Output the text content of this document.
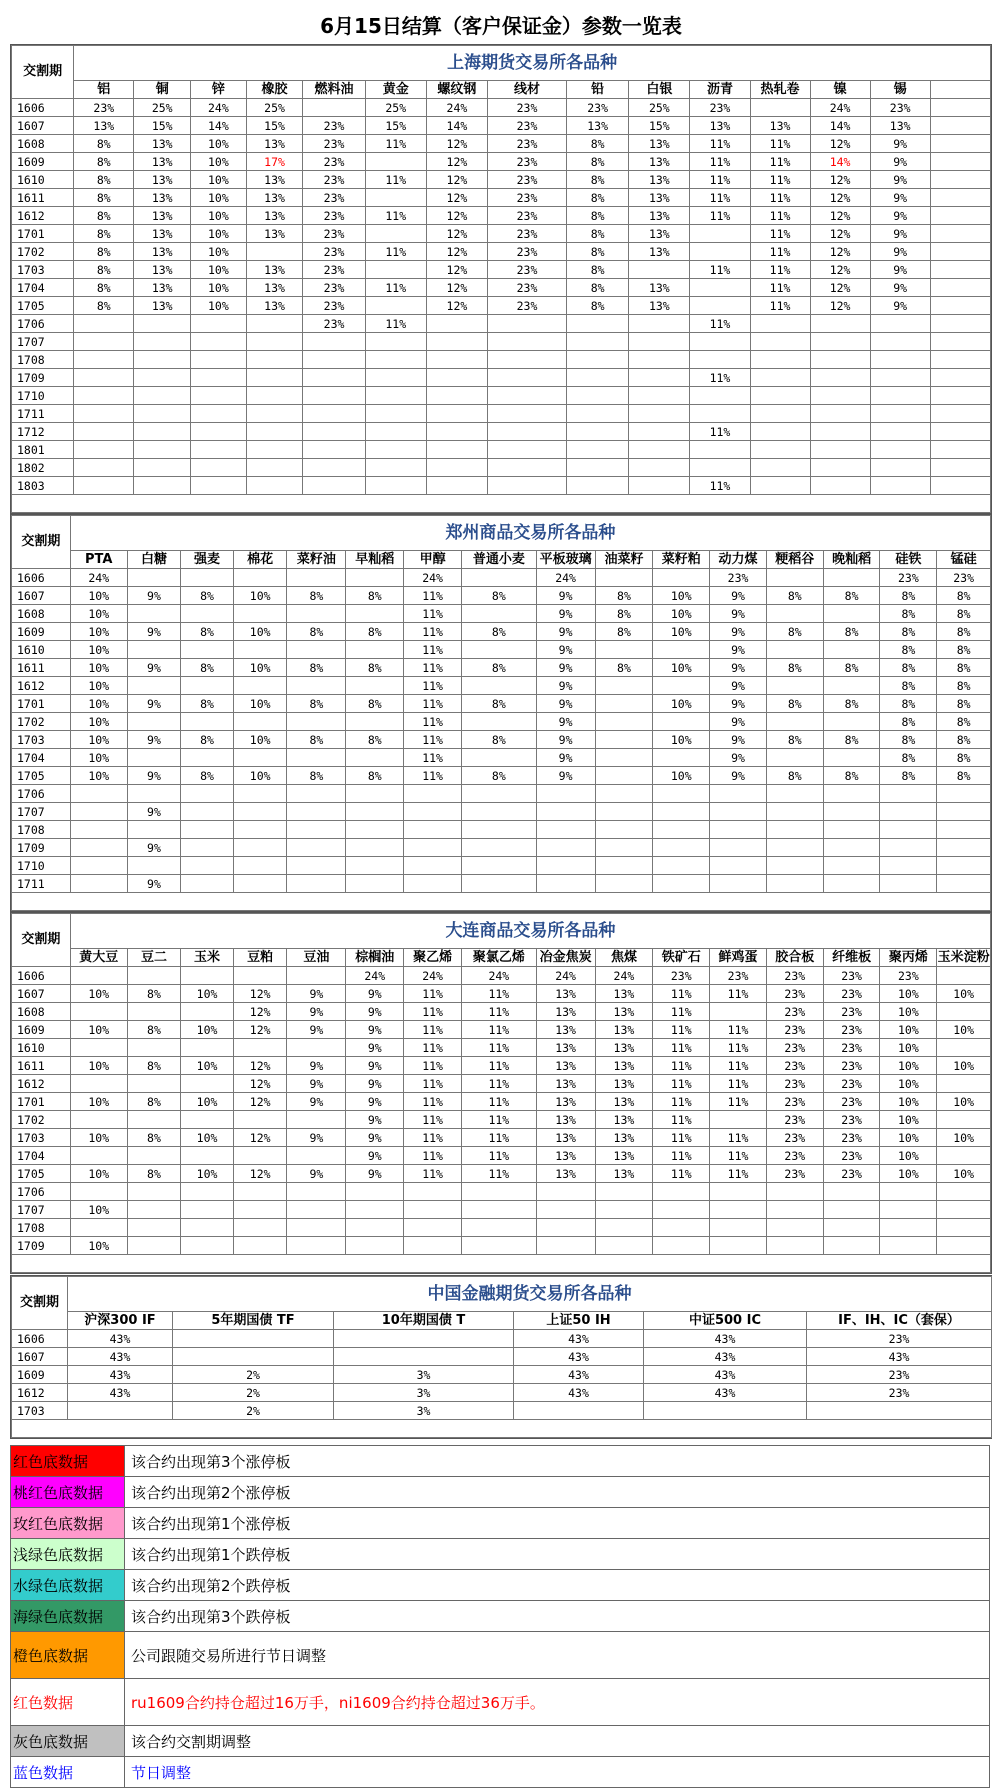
6月15日结算（客户保证金）参数一览表
交割期	上海期货交易所各品种														
	铝	铜	锌	橡胶	燃料油	黄金	螺纹钢	线材	铅	白银	沥青	热轧卷	镍	锡	
1606	23%	25%	24%	25%		25%	24%	23%	23%	25%	23%		24%	23%	
1607	13%	15%	14%	15%	23%	15%	14%	23%	13%	15%	13%	13%	14%	13%	
1608	8%	13%	10%	13%	23%	11%	12%	23%	8%	13%	11%	11%	12%	9%	
1609	8%	13%	10%	17%	23%		12%	23%	8%	13%	11%	11%	14%	9%	
1610	8%	13%	10%	13%	23%	11%	12%	23%	8%	13%	11%	11%	12%	9%	
1611	8%	13%	10%	13%	23%		12%	23%	8%	13%	11%	11%	12%	9%	
1612	8%	13%	10%	13%	23%	11%	12%	23%	8%	13%	11%	11%	12%	9%	
1701	8%	13%	10%	13%	23%		12%	23%	8%	13%		11%	12%	9%	
1702	8%	13%	10%		23%	11%	12%	23%	8%	13%		11%	12%	9%	
1703	8%	13%	10%	13%	23%		12%	23%	8%		11%	11%	12%	9%	
1704	8%	13%	10%	13%	23%	11%	12%	23%	8%	13%		11%	12%	9%	
1705	8%	13%	10%	13%	23%		12%	23%	8%	13%		11%	12%	9%	
1706					23%	11%					11%				
1707															
1708															
1709											11%				
1710															
1711															
1712											11%				
1801															
1802															
1803											11%				

交割期	郑州商品交易所各品种															
	PTA	白糖	强麦	棉花	菜籽油	早籼稻	甲醇	普通小麦	平板玻璃	油菜籽	菜籽粕	动力煤	粳稻谷	晚籼稻	硅铁	锰硅
1606	24%						24%		24%			23%			23%	23%
1607	10%	9%	8%	10%	8%	8%	11%	8%	9%	8%	10%	9%	8%	8%	8%	8%
1608	10%						11%		9%	8%	10%	9%			8%	8%
1609	10%	9%	8%	10%	8%	8%	11%	8%	9%	8%	10%	9%	8%	8%	8%	8%
1610	10%						11%		9%			9%			8%	8%
1611	10%	9%	8%	10%	8%	8%	11%	8%	9%	8%	10%	9%	8%	8%	8%	8%
1612	10%						11%		9%			9%			8%	8%
1701	10%	9%	8%	10%	8%	8%	11%	8%	9%		10%	9%	8%	8%	8%	8%
1702	10%						11%		9%			9%			8%	8%
1703	10%	9%	8%	10%	8%	8%	11%	8%	9%		10%	9%	8%	8%	8%	8%
1704	10%						11%		9%			9%			8%	8%
1705	10%	9%	8%	10%	8%	8%	11%	8%	9%		10%	9%	8%	8%	8%	8%
1706																
1707		9%														
1708																
1709		9%														
1710																
1711		9%														

交割期	大连商品交易所各品种															
	黄大豆	豆二	玉米	豆粕	豆油	棕榈油	聚乙烯	聚氯乙烯	冶金焦炭	焦煤	铁矿石	鲜鸡蛋	胶合板	纤维板	聚丙烯	玉米淀粉
1606						24%	24%	24%	24%	24%	23%	23%	23%	23%	23%	
1607	10%	8%	10%	12%	9%	9%	11%	11%	13%	13%	11%	11%	23%	23%	10%	10%
1608				12%	9%	9%	11%	11%	13%	13%	11%		23%	23%	10%	
1609	10%	8%	10%	12%	9%	9%	11%	11%	13%	13%	11%	11%	23%	23%	10%	10%
1610						9%	11%	11%	13%	13%	11%	11%	23%	23%	10%	
1611	10%	8%	10%	12%	9%	9%	11%	11%	13%	13%	11%	11%	23%	23%	10%	10%
1612				12%	9%	9%	11%	11%	13%	13%	11%	11%	23%	23%	10%	
1701	10%	8%	10%	12%	9%	9%	11%	11%	13%	13%	11%	11%	23%	23%	10%	10%
1702						9%	11%	11%	13%	13%	11%		23%	23%	10%	
1703	10%	8%	10%	12%	9%	9%	11%	11%	13%	13%	11%	11%	23%	23%	10%	10%
1704						9%	11%	11%	13%	13%	11%	11%	23%	23%	10%	
1705	10%	8%	10%	12%	9%	9%	11%	11%	13%	13%	11%	11%	23%	23%	10%	10%
1706																
1707	10%															
1708																
1709	10%															

交割期	中国金融期货交易所各品种					
	沪深300 IF	5年期国债 TF	10年期国债 T	上证50 IH	中证500 IC	IF、IH、IC（套保）
1606	43%			43%	43%	23%
1607	43%			43%	43%	43%
1609	43%	2%	3%	43%	43%	23%
1612	43%	2%	3%	43%	43%	23%
1703		2%	3%			

红色底数据	该合约出现第3个涨停板
桃红色底数据	该合约出现第2个涨停板
玫红色底数据	该合约出现第1个涨停板
浅绿色底数据	该合约出现第1个跌停板
水绿色底数据	该合约出现第2个跌停板
海绿色底数据	该合约出现第3个跌停板
橙色底数据	公司跟随交易所进行节日调整
红色数据	ru1609合约持仓超过16万手，ni1609合约持仓超过36万手。
灰色底数据	该合约交割期调整
蓝色数据	节日调整
